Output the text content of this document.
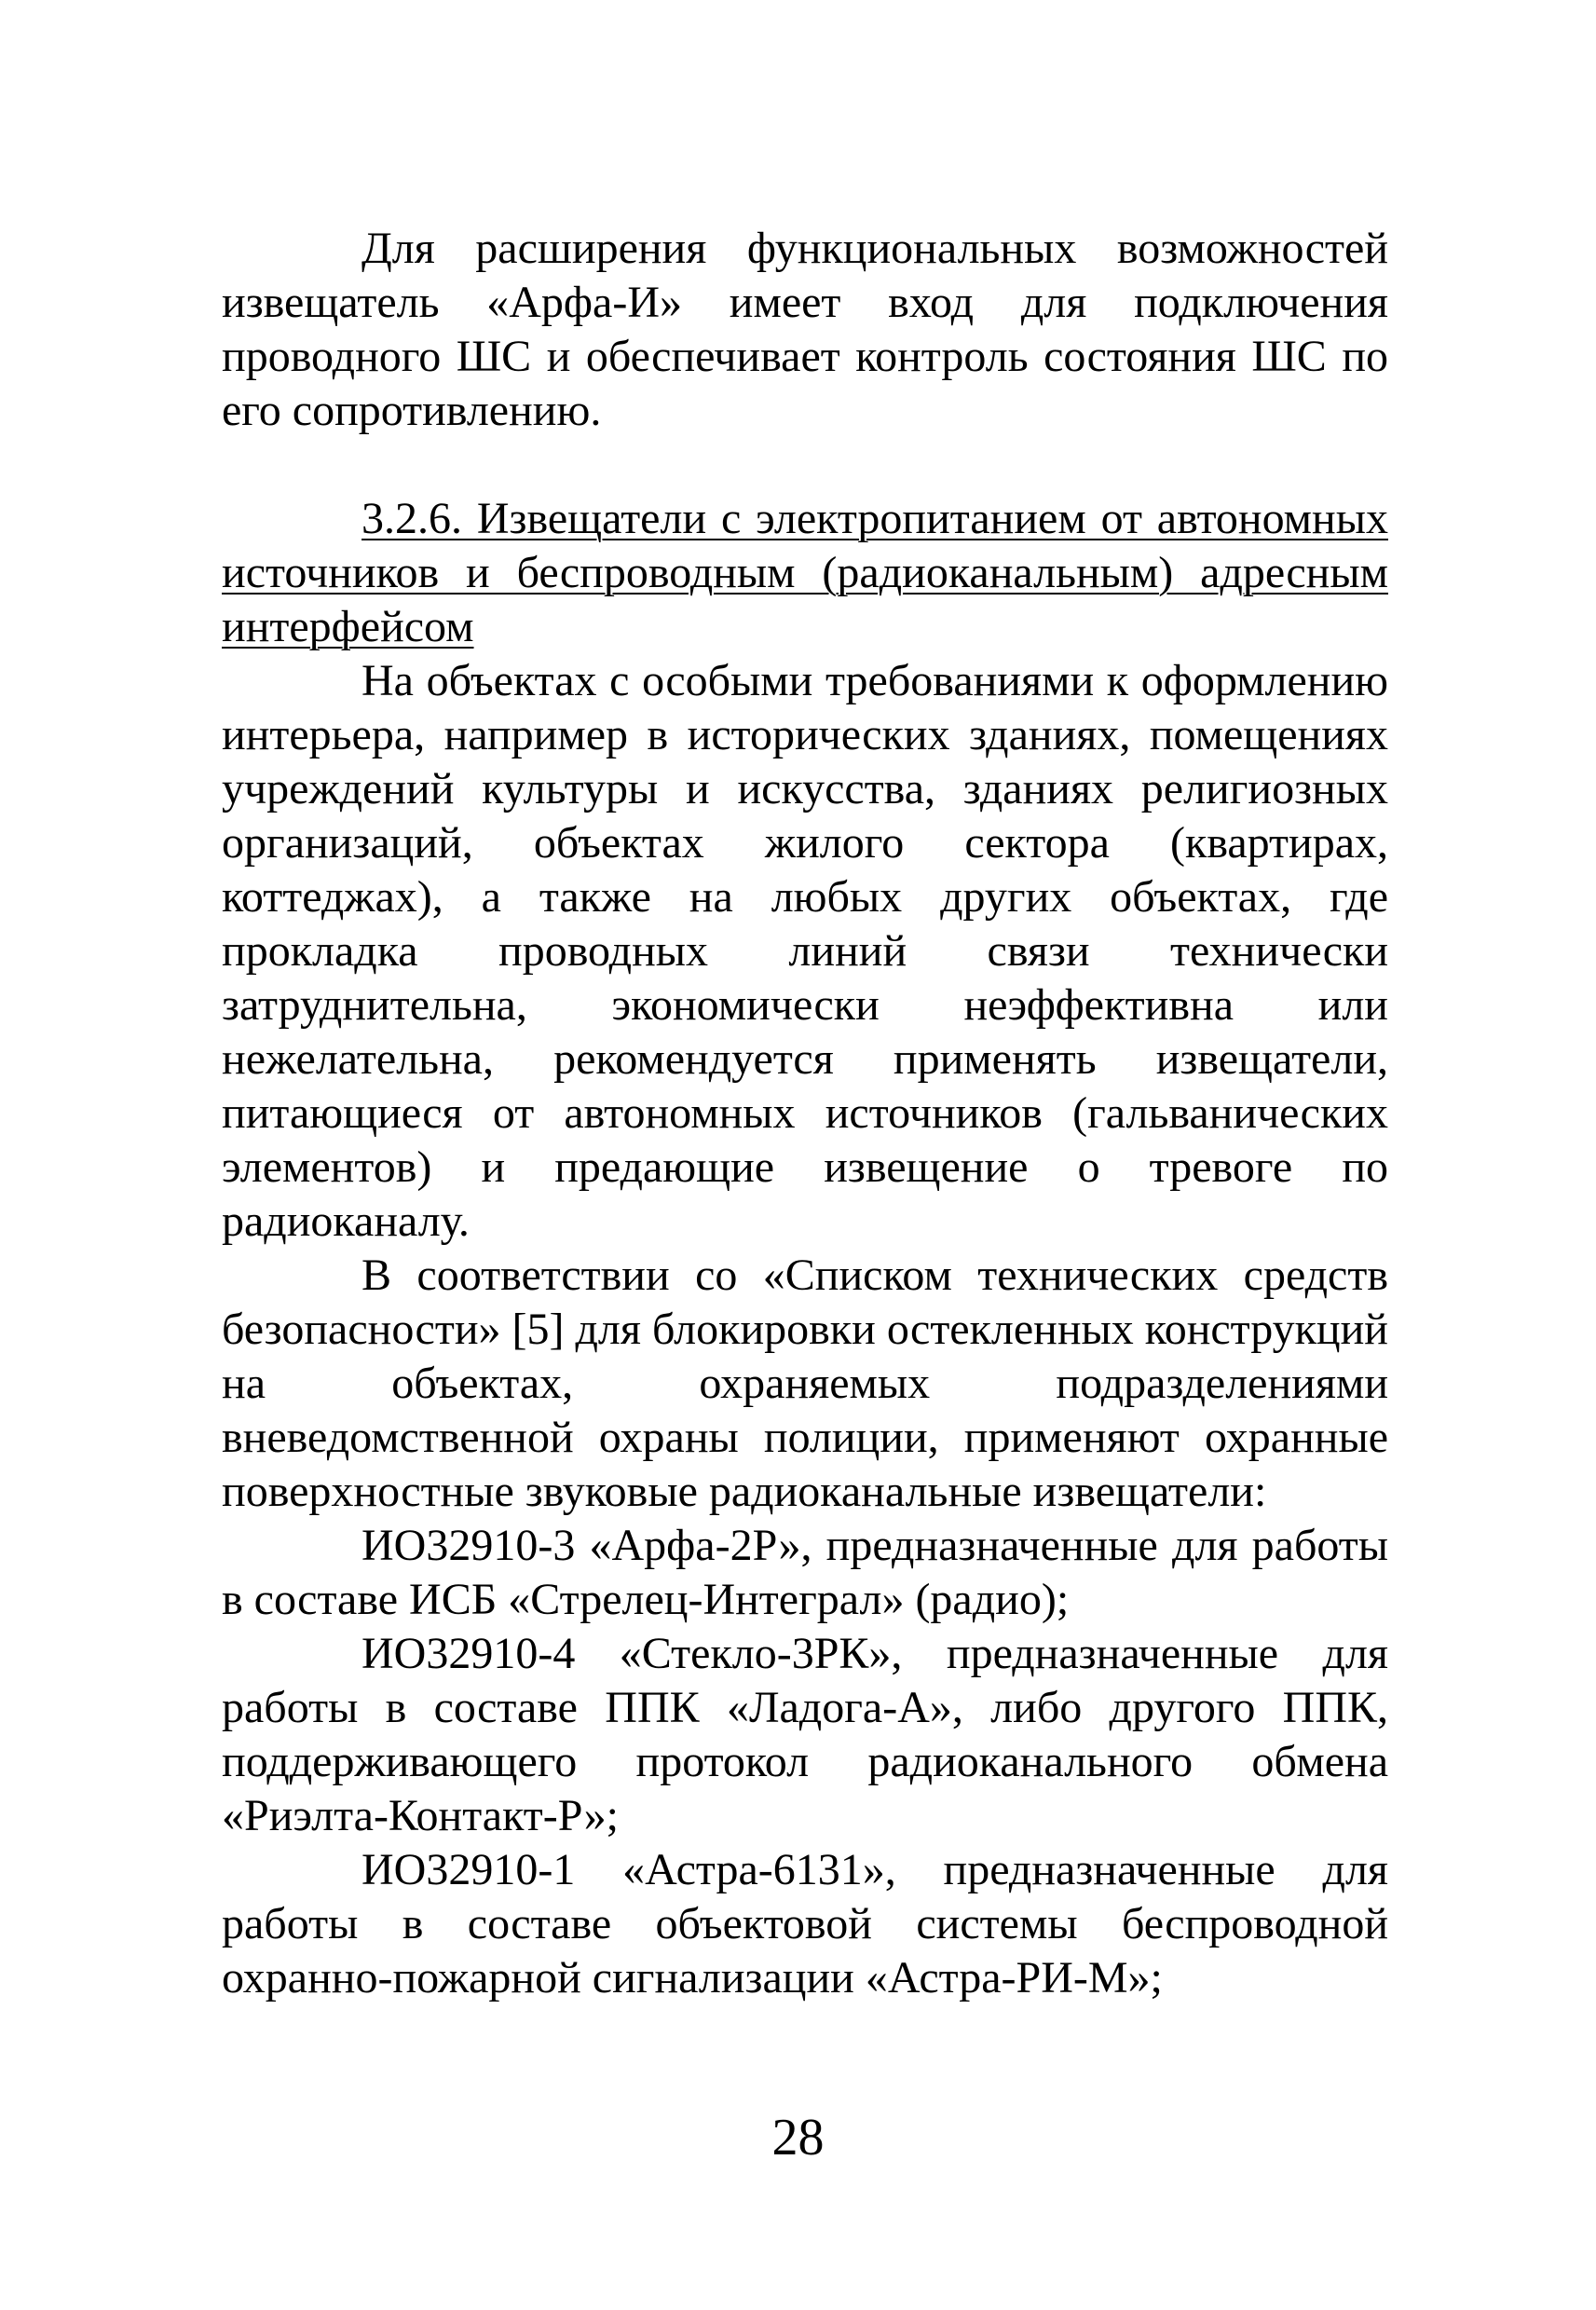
Для расширения функциональных возможностей извещатель «Арфа-И» имеет вход для подключения проводного ШС и обеспечивает контроль состояния ШС по его сопротивлению.

3.2.6. Извещатели с электропитанием от автономных источников и беспроводным (радиоканальным) адресным интерфейсом

На объектах с особыми требованиями к оформлению интерьера, например в исторических зданиях, помещениях учреждений культуры и искусства, зданиях религиозных организаций, объектах жилого сектора (квартирах, коттеджах), а также на любых других объектах, где прокладка проводных линий связи технически затруднительна, экономически неэффективна или нежелательна, рекомендуется применять извещатели, питающиеся от автономных источников (гальванических элементов) и предающие извещение о тревоге по радиоканалу.

В соответствии со «Списком технических средств безопасности» [5] для блокировки остекленных конструкций на объектах, охраняемых подразделениями вневедомственной охраны полиции, применяют охранные поверхностные звуковые радиоканальные извещатели:

ИО32910-3 «Арфа-2Р», предназначенные для работы в составе ИСБ «Стрелец-Интеграл» (радио);

ИО32910-4 «Стекло-3РК», предназначенные для работы в составе ППК «Ладога-А», либо другого ППК, поддерживающего протокол радиоканального обмена «Риэлта-Контакт-Р»;

ИО32910-1 «Астра-6131», предназначенные для работы в составе объектовой системы беспроводной охранно-пожарной сигнализации «Астра-РИ-М»;

28
